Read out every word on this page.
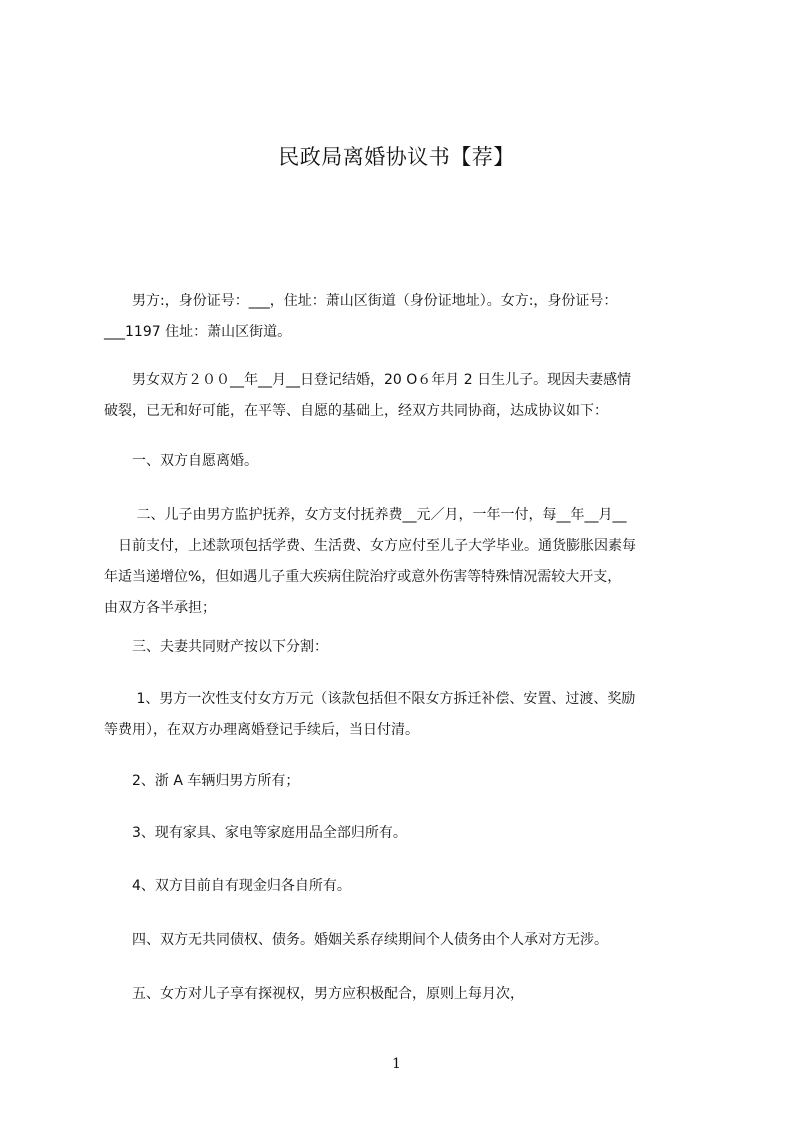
民政局离婚协议书【荐】
　　男方:，身份证号：___，住址：萧山区街道（身份证地址）。女方:，身份证号：
___1197 住址：萧山区街道。
　　男女双方２００__年__月__日登记结婚，20 O６年月 2 日生儿子。现因夫妻感情
破裂，已无和好可能，在平等、自愿的基础上，经双方共同协商，达成协议如下：
　　一、双方自愿离婚。
　　 二、儿子由男方监护抚养，女方支付抚养费__元／月，一年一付，每__年__月__
　日前支付，上述款项包括学费、生活费、女方应付至儿子大学毕业。通货膨胀因素每
年适当递增位%，但如遇儿子重大疾病住院治疗或意外伤害等特殊情况需较大开支，
由双方各半承担；
　　三、夫妻共同财产按以下分割：
　　 1、男方一次性支付女方万元（该款包括但不限女方拆迁补偿、安置、过渡、奖励
等费用），在双方办理离婚登记手续后，当日付清。
　　2、浙 A 车辆归男方所有；
　　3、现有家具、家电等家庭用品全部归所有。
　　4、双方目前自有现金归各自所有。
　　四、双方无共同债权、债务。婚姻关系存续期间个人债务由个人承对方无涉。
　　五、女方对儿子享有探视权，男方应积极配合，原则上每月次，
1
